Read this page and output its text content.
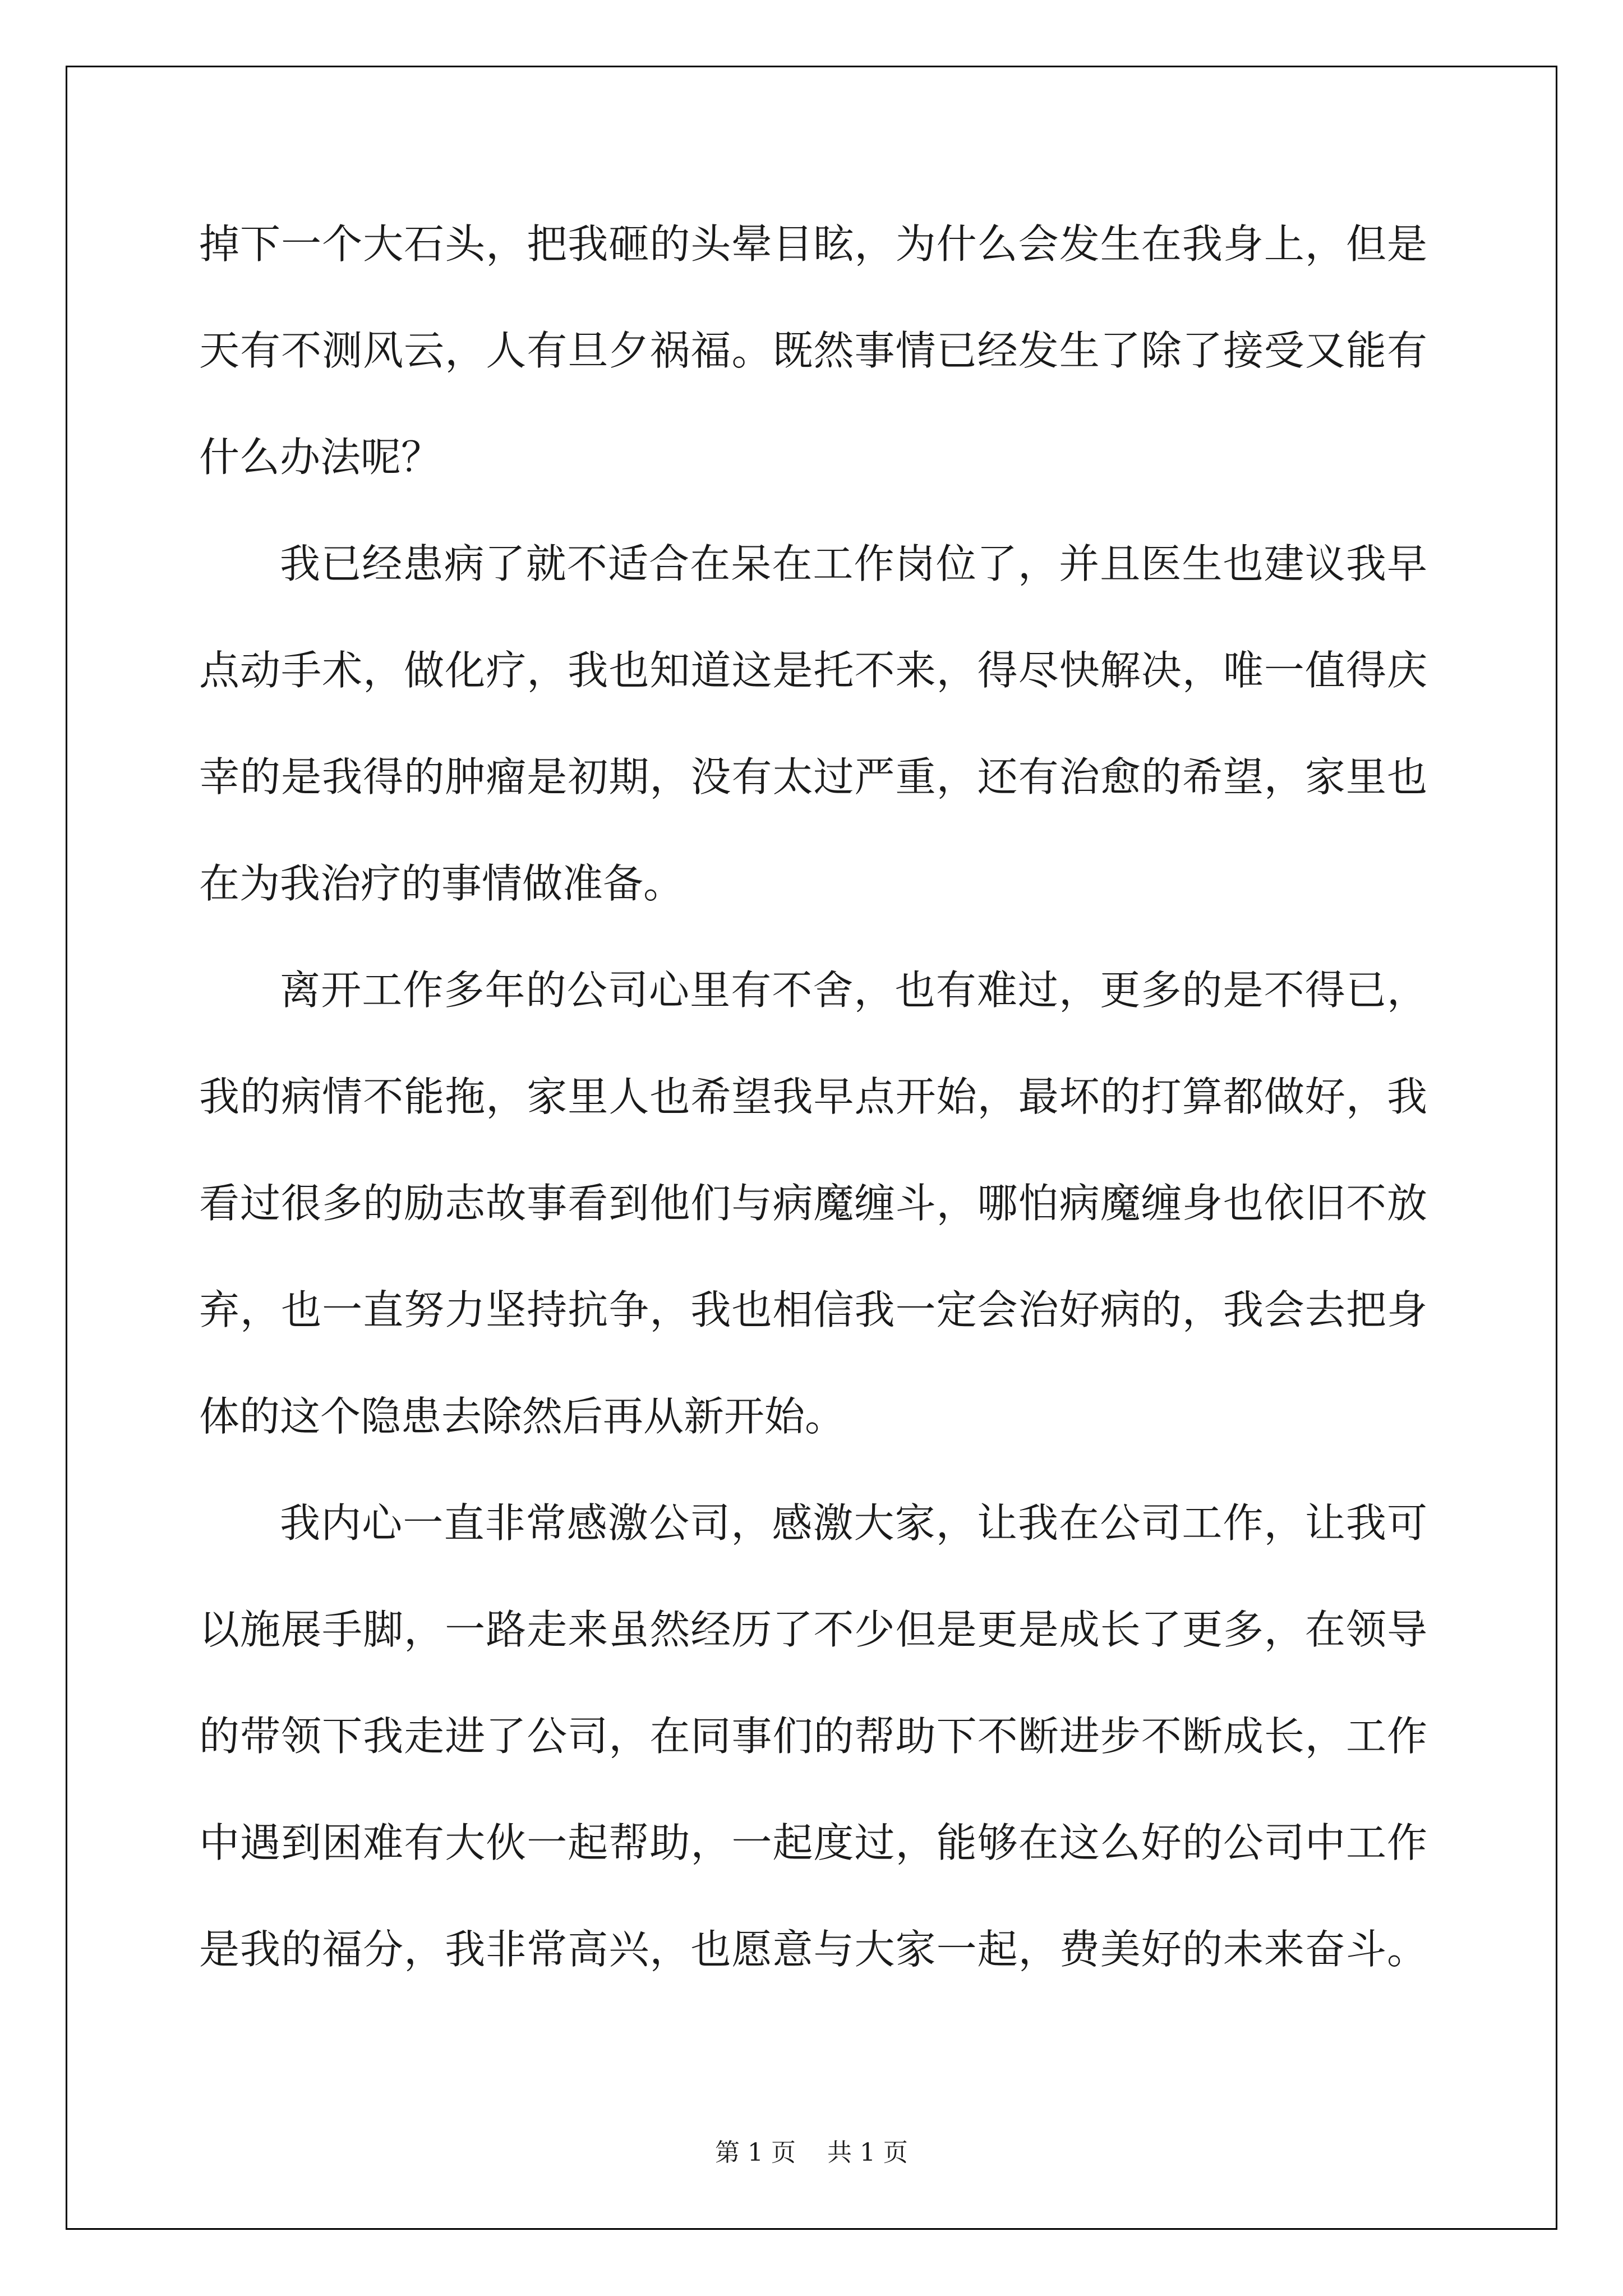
掉下一个大石头，把我砸的头晕目眩，为什么会发生在我身上，但是
天有不测风云，人有旦夕祸福。既然事情已经发生了除了接受又能有
什么办法呢？
我已经患病了就不适合在呆在工作岗位了，并且医生也建议我早
点动手术，做化疗，我也知道这是托不来，得尽快解决，唯一值得庆
幸的是我得的肿瘤是初期，没有太过严重，还有治愈的希望，家里也
在为我治疗的事情做准备。
离开工作多年的公司心里有不舍，也有难过，更多的是不得已，
我的病情不能拖，家里人也希望我早点开始，最坏的打算都做好，我
看过很多的励志故事看到他们与病魔缠斗，哪怕病魔缠身也依旧不放
弃，也一直努力坚持抗争，我也相信我一定会治好病的，我会去把身
体的这个隐患去除然后再从新开始。
我内心一直非常感激公司，感激大家，让我在公司工作，让我可
以施展手脚，一路走来虽然经历了不少但是更是成长了更多，在领导
的带领下我走进了公司，在同事们的帮助下不断进步不断成长，工作
中遇到困难有大伙一起帮助，一起度过，能够在这么好的公司中工作
是我的福分，我非常高兴，也愿意与大家一起，费美好的未来奋斗。
第 1 页    共 1 页
